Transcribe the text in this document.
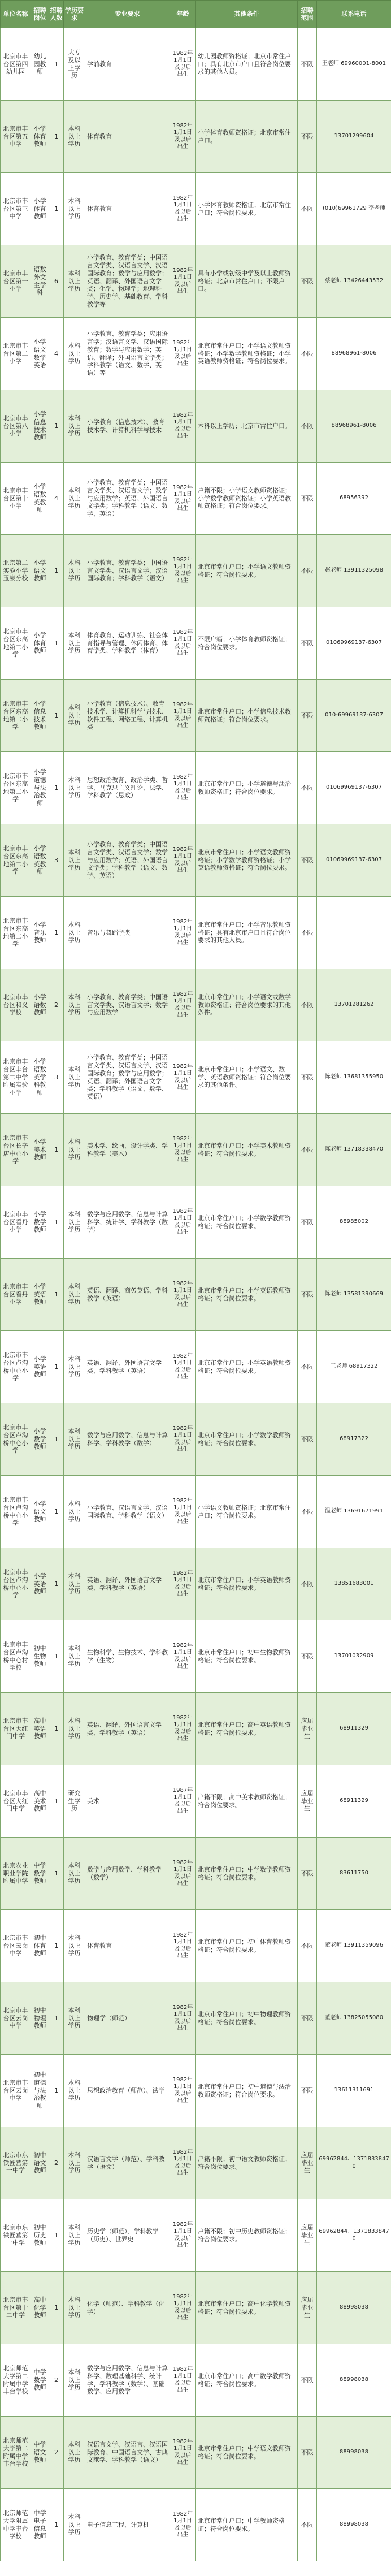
单位名称	招聘岗位	招聘人数	学历要求	专业要求	年龄	其他条件	招聘范围	联系电话
北京市丰台区第四幼儿园	幼儿园教师	1	大专及以上学历	学前教育	1982年1月1日及以后出生	幼儿园教师资格证；北京市常住户口；具有北京市户口且符合岗位要求的其他人员。	不限	王老师 69960001-8001
北京市丰台区第五中学	小学体育教师	1	本科以上学历	体育教育	1982年1月1日及以后出生	小学体育教师资格证；北京市常住户口。	不限	13701299604
北京市丰台区第三中学	小学体育教师	1	本科以上学历	体育教育	1982年1月1日及以后出生	小学体育教师资格证；北京市常住户口；符合岗位要求。	不限	(010)69961729 李老师
北京市丰台区第一小学	语数外文主学科	6	本科以上学历	小学教育、教育学类；中国语言文学类、汉语言文学、汉语国际教育；数学与应用数学；英语、翻译、外国语言文学类；化学、物理学；地理科学、历史学、基础教育、学科教学等	1982年1月1日及以后出生	具有小学或初级中学及以上教师资格证；北京市常住户口；不限户口。	不限	蔡老师 13426443532
北京市丰台区第二小学	小学语文数学英语	4	本科以上学历	小学教育、教育学类；应用语言学；汉语言文学、汉语国际教育；数学与应用数学；英语、翻译；外国语言文学类；学科教学（语文、数学、英语）等	1982年1月1日及以后出生	北京市常住户口；小学语文教师资格证；小学数学教师资格证；小学英语教师资格证；符合岗位要求。	不限	88968961-8006
北京市丰台区第八小学	小学信息技术教师	1	本科以上学历	小学教育（信息技术）、教育技术学、计算机科学与技术	1982年1月1日及以后出生	本科以上学历；北京市常住户口。	不限	88968961-8006
北京市丰台区第十小学	小学语数英教师	4	本科以上学历	小学教育、教育学类；中国语言文学类、汉语言文学；数学与应用数学；英语、外国语言文学类；学科教学（语文、数学、英语）	1982年1月1日及以后出生	户籍不限；小学语文教师资格证；小学数学教师资格证；小学英语教师资格证；符合岗位要求。	不限	68956392
北京第二实验小学玉泉分校	小学语文教师	1	本科以上学历	小学教育、教育学类；中国语言文学类、汉语言文学、汉语国际教育；学科教学（语文）	1982年1月1日及以后出生	北京市常住户口；小学语文教师资格证；符合岗位要求。	不限	赵老师 13911325098
北京市丰台区东高地第二小学	小学体育教师	1	本科以上学历	体育教育、运动训练、社会体育指导与管理、休闲体育、体育学类、学科教学（体育）	1982年1月1日及以后出生	不限户籍；小学体育教师资格证；符合岗位要求。	不限	01069969137-6307
北京市丰台区东高地第二小学	小学信息技术教师	1	本科以上学历	小学教育（信息技术）、教育技术学、计算机科学与技术、软件工程、网络工程、计算机类	1982年1月1日及以后出生	北京市常住户口；小学信息技术教师资格证；符合岗位要求。	不限	010-69969137-6307
北京市丰台区东高地第二小学	小学道德与法治教师	1	本科以上学历	思想政治教育、政治学类、哲学、马克思主义理论、法学、学科教学（思政）	1982年1月1日及以后出生	北京市常住户口；小学道德与法治教师资格证；符合岗位要求。	不限	01069969137-6307
北京市丰台区东高地第二小学	小学语数英教师	3	本科以上学历	小学教育、教育学类；中国语言文学类、汉语言文学；数学与应用数学；英语、外国语言文学类；学科教学（语文、数学、英语）	1982年1月1日及以后出生	北京市常住户口；小学语文教师资格证；小学数学教师资格证；小学英语教师资格证；符合岗位要求。	不限	01069969137-6307
北京市丰台区东高地第二小学	小学音乐教师	1	本科以上学历	音乐与舞蹈学类	1982年1月1日及以后出生	北京市常住户口；小学音乐教师资格证；具有北京市户口且符合岗位要求的其他人员。	不限	
北京市丰台区和义学校	小学语数教师	2	本科以上学历	小学教育、教育学类；中国语言文学类、汉语言文学；数学与应用数学	1982年1月1日及以后出生	北京市常住户口；小学语文或数学教师资格证；符合岗位要求的其他条件。	不限	13701281262
北京市丰台区丰台第二中学附属实验小学	小学语数英学科教师	3	本科以上学历	小学教育、教育学类；中国语言文学类、汉语言文学、汉语国际教育；数学与应用数学；英语、翻译；外国语言文学类；学科教学（语文、数学、英语）	1982年1月1日及以后出生	北京市常住户口；小学语文、数学、英语教师资格证；符合岗位要求的其他条件。	不限	陈老师 13681355950
北京市丰台区长辛店中心小学	小学美术教师	1	本科以上学历	美术学、绘画、设计学类、学科教学（美术）	1982年1月1日及以后出生	北京市常住户口；小学美术教师资格证；符合岗位要求。	不限	陈老师 13718338470
北京市丰台区看丹小学	小学数学教师	1	本科以上学历	数学与应用数学、信息与计算科学、统计学、学科教学（数学）	1982年1月1日及以后出生	北京市常住户口；小学数学教师资格证；符合岗位要求。	不限	88985002
北京市丰台区看丹小学	小学英语教师	1	本科以上学历	英语、翻译、商务英语、学科教学（英语）	1982年1月1日及以后出生	北京市常住户口；小学英语教师资格证；符合岗位要求。	不限	陈老师 13581390669
北京市丰台区卢沟桥中心小学	小学英语教师	1	本科以上学历	英语、翻译、外国语言文学类、学科教学（英语）	1982年1月1日及以后出生	北京市常住户口；小学英语教师资格证；符合岗位要求。	不限	王老师 68917322
北京市丰台区卢沟桥中心小学	小学数学教师	1	本科以上学历	数学与应用数学、信息与计算科学、学科教学（数学）	1982年1月1日及以后出生	北京市常住户口；小学数学教师资格证；符合岗位要求。	不限	68917322
北京市丰台区卢沟桥中心小学	小学语文教师	1	本科以上学历	小学教育、汉语言文学、汉语国际教育、学科教学（语文）	1982年1月1日及以后出生	小学语文教师资格证；北京市常住户口；符合岗位要求。	不限	温老师 13691671991
北京市丰台区卢沟桥中心小学	小学英语教师	1	本科以上学历	英语、翻译、外国语言文学类、学科教学（英语）	1982年1月1日及以后出生	北京市常住户口；小学英语教师资格证；符合岗位要求。	不限	13851683001
北京市丰台区卢沟桥中心村学校	初中生物教师	1	本科以上学历	生物科学、生物技术、学科教学（生物）	1982年1月1日及以后出生	北京市常住户口；初中生物教师资格证；符合岗位要求。	不限	13701032909
北京市丰台区大红门中学	高中英语教师	1	本科以上学历	英语、翻译、外国语言文学类、学科教学（英语）	1982年1月1日及以后出生	北京市常住户口；高中英语教师资格证；符合岗位要求。	应届毕业生	68911329
北京市丰台区大红门中学	高中美术教师	1	研究生学历	美术	1987年1月1日及以后出生	户籍不限；高中美术教师资格证；符合岗位要求。	应届毕业生	68911329
北京农业职业学院附属中学	中学数学教师	1	本科以上学历	数学与应用数学、学科教学（数学）	1982年1月1日及以后出生	北京市常住户口；中学数学教师资格证；符合岗位要求。	不限	83611750
北京市丰台区云岗中学	初中体育教师	1	本科以上学历	体育教育	1982年1月1日及以后出生	北京市常住户口；初中体育教师资格证；符合岗位要求。	不限	董老师 13911359096
北京市丰台区云岗中学	初中物理教师	1	本科以上学历	物理学（师范）	1982年1月1日及以后出生	北京市常住户口；初中物理教师资格证；符合岗位要求。	不限	董老师 13825055080
北京市丰台区云岗中学	初中道德与法治教师	1	本科以上学历	思想政治教育（师范）、法学	1982年1月1日及以后出生	北京市常住户口；初中道德与法治教师资格证；符合岗位要求。	不限	13611311691
北京市东铁匠营第一中学	初中语文教师	2	本科以上学历	汉语言文学（师范）、学科教学（语文）	1982年1月1日及以后出生	户籍不限；初中语文教师资格证；符合岗位要求。	应届毕业生	69962844、13718338470
北京市东铁匠营第一中学	初中历史教师	1	本科以上学历	历史学（师范）、学科教学（历史）、世界史	1982年1月1日及以后出生	户籍不限；初中历史教师资格证；符合岗位要求。	应届毕业生	69962844、13718338470
北京市丰台区第十二中学	高中化学教师	1	本科以上学历	化学（师范）、学科教学（化学）	1982年1月1日及以后出生	北京市常住户口；高中化学教师资格证；符合岗位要求。	应届毕业生	88998038
北京师范大学第二附属中学丰台学校	中学数学教师	2	本科以上学历	数学与应用数学、信息与计算科学、数理基础科学、统计学、学科教学（数学）、基础数学、应用数学	1982年1月1日及以后出生	北京市常住户口；高中数学教师资格证；符合岗位要求。	不限	88998038
北京师范大学第二附属中学丰台学校	中学语文教师	2	本科以上学历	汉语言文学、汉语言、汉语国际教育、中国语言文学、古典文献学、学科教学（语文）	1982年1月1日及以后出生	北京市常住户口；中学语文教师资格证；符合岗位要求。	不限	88998038
北京师范大学附属中学丰台学校	中学电子信息教师	1	本科以上学历	电子信息工程、计算机	1982年1月1日及以后出生	北京市常住户口；中学教师资格证；符合岗位要求。	不限	88998038
